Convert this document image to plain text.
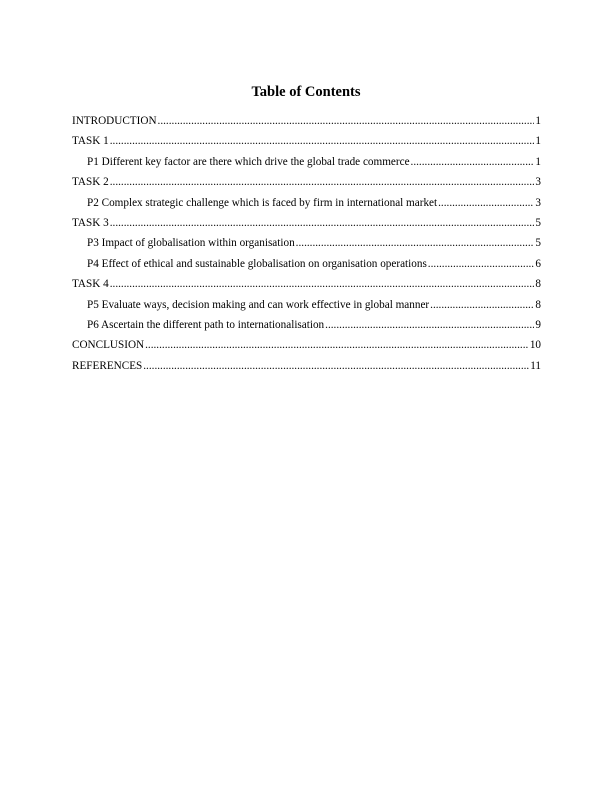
Table of Contents
INTRODUCTION .....	1
TASK 1 .....	1
P1 Different key factor are there which drive the global trade commerce .....	1
TASK 2 .....	3
P2 Complex strategic challenge which is faced by firm in international market .....	3
TASK 3 .....	5
P3 Impact of globalisation within organisation .....	5
P4 Effect of ethical and sustainable globalisation on organisation operations .....	6
TASK 4 .....	8
P5 Evaluate ways, decision making and can work effective in global manner .....	8
P6 Ascertain the different path to internationalisation .....	9
CONCLUSION .....	10
REFERENCES .....	11
